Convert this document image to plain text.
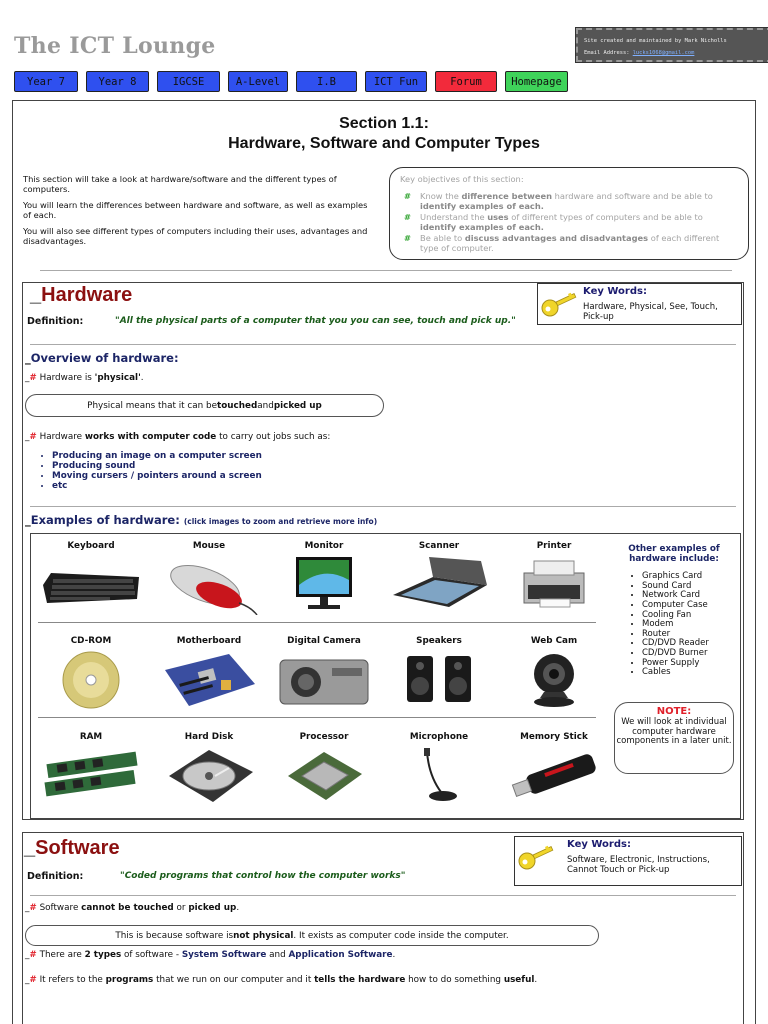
The ICT Lounge	Site created and maintained by Mark Nicholls
Email Address: lucks1068@gmail.com
Year 7	Year 8	IGCSE	A-Level	I.B	ICT Fun	Forum	Homepage
Section 1.1:
Hardware, Software and Computer Types

This section will take a look at hardware/software and the different types of computers.

You will learn the differences between hardware and software, as well as examples of each.

You will also see different types of computers including their uses, advantages and disadvantages.

Key objectives of this section:
# Know the difference between hardware and software and be able to identify examples of each.
# Understand the uses of different types of computers and be able to identify examples of each.
# Be able to discuss advantages and disadvantages of each different type of computer.
_Hardware	Key Words:
Hardware, Physical, See, Touch, Pick-up
Definition:	"All the physical parts of a computer that you you can see, touch and pick up."
_Overview of hardware:
_# Hardware is 'physical'.
Physical means that it can be touched and picked up
_# Hardware works with computer code to carry out jobs such as:
• Producing an image on a computer screen
• Producing sound
• Moving cursers / pointers around a screen
• etc
_Examples of hardware: (click images to zoom and retrieve more info)
Keyboard	Mouse	Monitor	Scanner	Printer
CD-ROM	Motherboard	Digital Camera	Speakers	Web Cam
RAM	Hard Disk	Processor	Microphone	Memory Stick
Other examples of hardware include:
• Graphics Card
• Sound Card
• Network Card
• Computer Case
• Cooling Fan
• Modem
• Router
• CD/DVD Reader
• CD/DVD Burner
• Power Supply
• Cables
NOTE:
We will look at individual computer hardware components in a later unit.
_Software	Key Words:
Software, Electronic, Instructions, Cannot Touch or Pick-up
Definition:	"Coded programs that control how the computer works"
_# Software cannot be touched or picked up.
This is because software is not physical . It exists as computer code inside the computer.
_# There are 2 types of software - System Software and Application Software.
_# It refers to the programs that we run on our computer and it tells the hardware how to do something useful.
